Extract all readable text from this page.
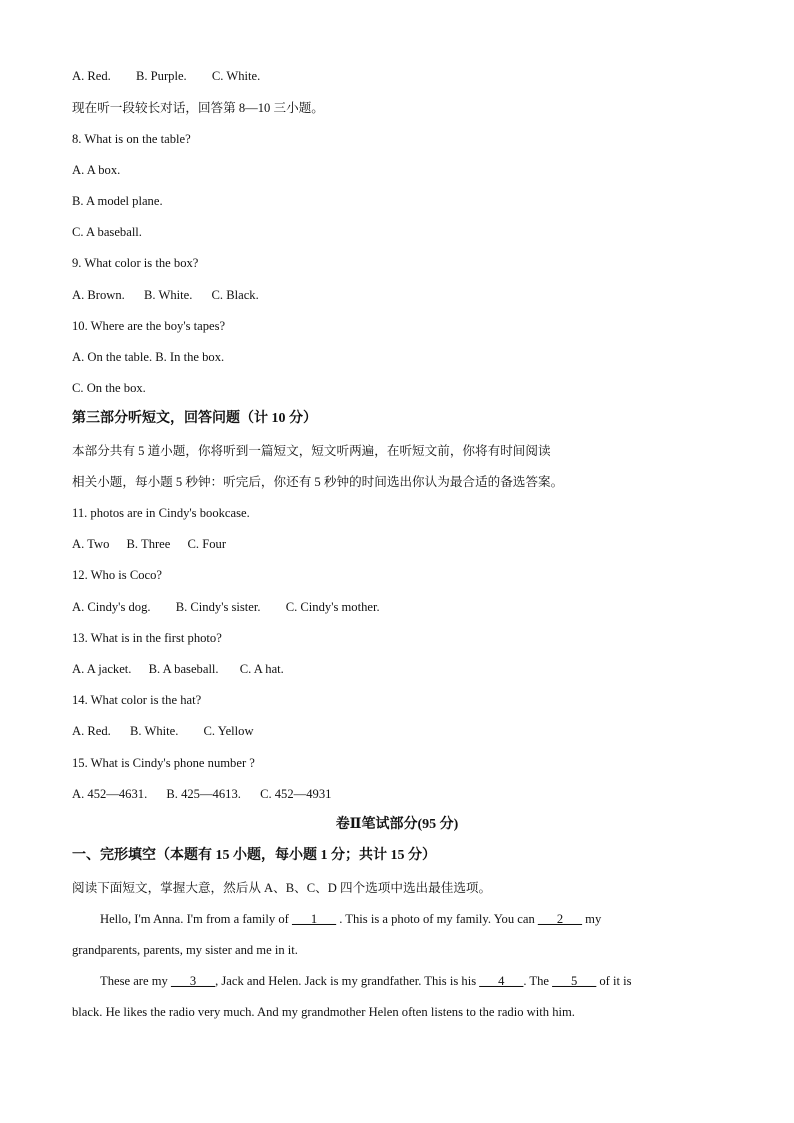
A. Red. B. Purple. C. White.
现在听一段较长对话，回答第 8—10 三小题。
8. What is on the table?
A. A box.
B. A model plane.
C. A baseball.
9. What color is the box?
A. Brown. B. White. C. Black.
10. Where are the boy's tapes?
A. On the table. B. In the box.
C. On the box.
第三部分听短文，回答问题（计 10 分）
本部分共有 5 道小题，你将听到一篇短文，短文听两遍，在听短文前，你将有时间阅读
相关小题，每小题 5 秒钟：听完后，你还有 5 秒钟的时间选出你认为最合适的备选答案。
11. photos are in Cindy's bookcase.
A. Two B. Three C. Four
12. Who is Coco?
A. Cindy's dog. B. Cindy's sister. C. Cindy's mother.
13. What is in the first photo?
A. A jacket. B. A baseball. C. A hat.
14. What color is the hat?
A. Red. B. White. C. Yellow
15. What is Cindy's phone number ?
A. 452—4631. B. 425—4613. C. 452—4931
卷Ⅱ笔试部分(95 分)
一、完形填空（本题有 15 小题，每小题 1 分；共计 15 分）
阅读下面短文，掌握大意，然后从 A、B、C、D 四个选项中选出最佳选项。
Hello, I'm Anna. I'm from a family of ___1___ . This is a photo of my family. You can ___2___ my
grandparents, parents, my sister and me in it.
These are my ___3___, Jack and Helen. Jack is my grandfather. This is his ___4___. The ___5___ of it is
black. He likes the radio very much. And my grandmother Helen often listens to the radio with him.
